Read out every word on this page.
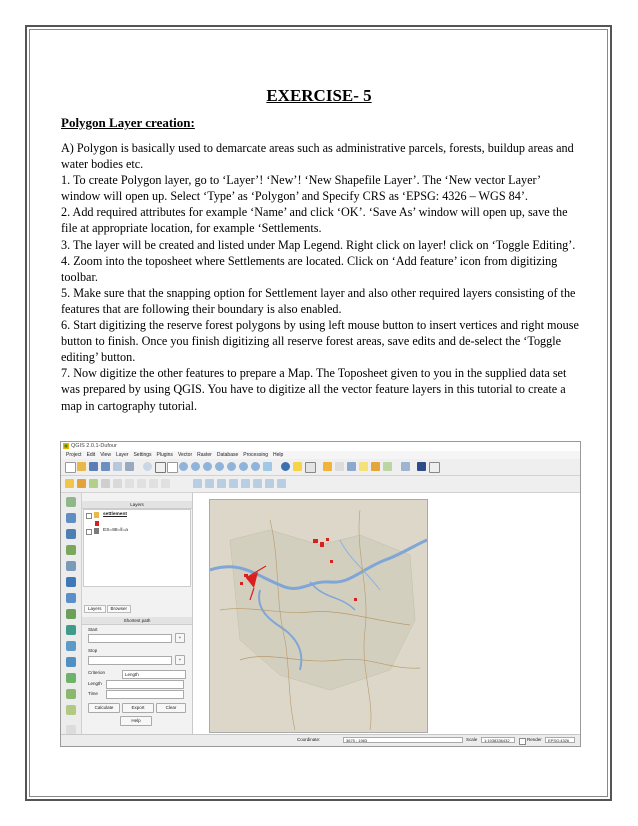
EXERCISE- 5
Polygon Layer creation:

A) Polygon is basically used to demarcate areas such as administrative parcels, forests, buildup areas and water bodies etc.

1. To create Polygon layer, go to ‘Layer’! ‘New’! ‘New Shapefile Layer’. The ‘New vector Layer’ window will open up. Select ‘Type’ as ‘Polygon’ and Specify CRS as ‘EPSG: 4326 – WGS 84’.

2. Add required attributes for example ‘Name’ and click ‘OK’. ‘Save As’ window will open up, save the file at appropriate location, for example ‘Settlements.

3. The layer will be created and listed under Map Legend. Right click on layer! click on ‘Toggle Editing’.

4. Zoom into the toposheet where Settlements are located. Click on ‘Add feature’ icon from digitizing toolbar.

5. Make sure that the snapping option for Settlement layer and also other required layers consisting of the features that are following their boundary is also enabled.

6. Start digitizing the reserve forest polygons by using left mouse button to insert vertices and right mouse button to finish. Once you finish digitizing all reserve forest areas, save edits and de-select the ‘Toggle editing’ button.

7. Now digitize the other features to prepare a Map. The Toposheet given to you in the supplied data set was prepared by using QGIS. You have to digitize all the vector feature layers in this tutorial to create a map in cartography tutorial.

QGIS 2.0.1-Dufour
Project Edit View Layer Settings Plugins Vector Raster Database Processing Help
Layers
settlement
ES=88=ll=a
Layers Browser
Shortest path
Start
+
Stop
+
Criterion	Length
Length
Time
Calculate	Export	Clear
Help
Coordinate:	3675 ; 1983	Scale	1:1938336432	Render	EPSG:4326
